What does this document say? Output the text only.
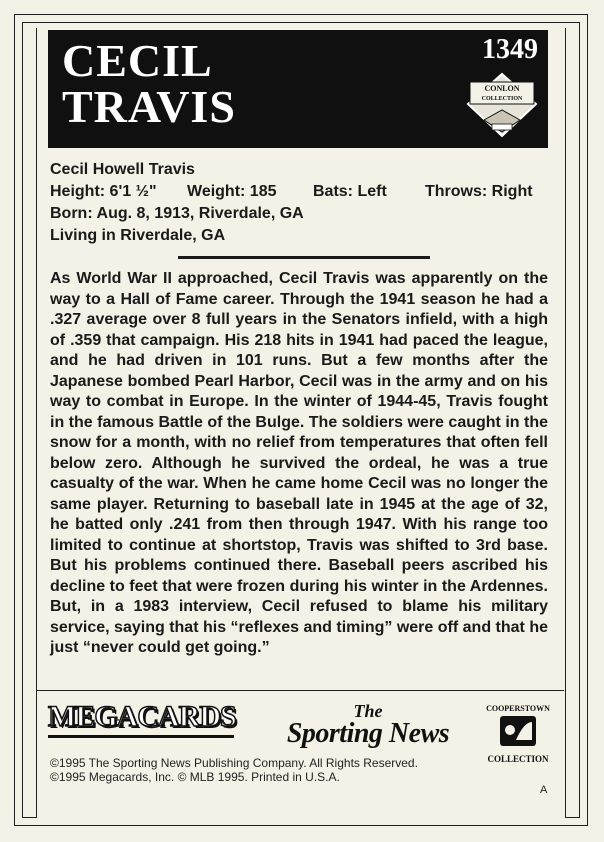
CECIL
TRAVIS
1349
CONLON
COLLECTION
Cecil Howell Travis
Height: 6'1 ½"	Weight: 185	Bats: Left	Throws: Right
Born: Aug. 8, 1913, Riverdale, GA
Living in Riverdale, GA
As World War II approached, Cecil Travis was apparently on the way to a Hall of Fame career. Through the 1941 season he had a .327 average over 8 full years in the Senators infield, with a high of .359 that campaign. His 218 hits in 1941 had paced the league, and he had driven in 101 runs. But a few months after the Japanese bombed Pearl Harbor, Cecil was in the army and on his way to combat in Europe. In the winter of 1944-45, Travis fought in the famous Battle of the Bulge. The soldiers were caught in the snow for a month, with no relief from temperatures that often fell below zero. Although he survived the ordeal, he was a true casualty of the war. When he came home Cecil was no longer the same player. Returning to baseball late in 1945 at the age of 32, he batted only .241 from then through 1947. With his range too limited to continue at shortstop, Travis was shifted to 3rd base. But his problems continued there. Baseball peers ascribed his decline to feet that were frozen during his winter in the Ardennes. But, in a 1983 interview, Cecil refused to blame his military service, saying that his “reflexes and timing” were off and that he just “never could get going.”
MEGACARDS	The
Sporting News
COOPERSTOWN
COLLECTION
©1995 The Sporting News Publishing Company. All Rights Reserved.
©1995 Megacards, Inc. © MLB 1995. Printed in U.S.A.
A
